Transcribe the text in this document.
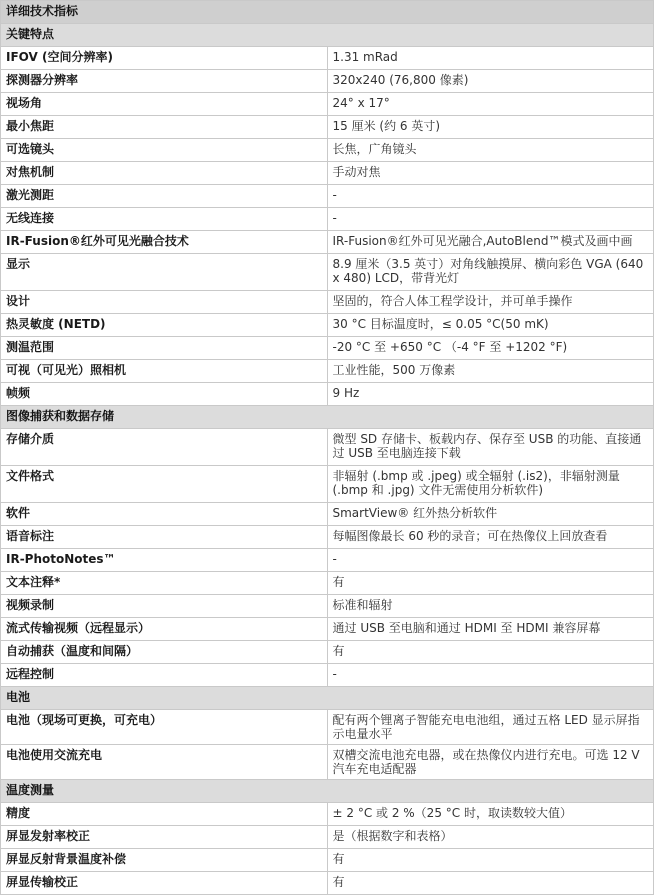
详细技术指标	
关键特点	
IFOV (空间分辨率)	1.31 mRad
探测器分辨率	320x240 (76,800 像素)
视场角	24° x 17°
最小焦距	15 厘米 (约 6 英寸)
可选镜头	长焦，广角镜头
对焦机制	手动对焦
激光测距	-
无线连接	-
IR-Fusion®红外可见光融合技术	IR-Fusion®红外可见光融合,AutoBlend™模式及画中画
显示	8.9 厘米（3.5 英寸）对角线触摸屏、横向彩色 VGA (640 x 480) LCD，带背光灯
设计	坚固的，符合人体工程学设计，并可单手操作
热灵敏度 (NETD)	30 °C 目标温度时，≤ 0.05 °C(50 mK)
测温范围	-20 °C 至 +650 °C （-4 °F 至 +1202 °F)
可视（可见光）照相机	工业性能，500 万像素
帧频	9 Hz
图像捕获和数据存储	
存储介质	微型 SD 存储卡、板载内存、保存至 USB 的功能、直接通过 USB 至电脑连接下载
文件格式	非辐射 (.bmp 或 .jpeg) 或全辐射 (.is2)，非辐射测量 (.bmp 和 .jpg) 文件无需使用分析软件)
软件	SmartView® 红外热分析软件
语音标注	每幅图像最长 60 秒的录音；可在热像仪上回放查看
IR-PhotoNotes™	-
文本注释*	有
视频录制	标准和辐射
流式传输视频（远程显示）	通过 USB 至电脑和通过 HDMI 至 HDMI 兼容屏幕
自动捕获（温度和间隔）	有
远程控制	-
电池	
电池（现场可更换，可充电）	配有两个锂离子智能充电电池组，通过五格 LED 显示屏指示电量水平
电池使用交流充电	双槽交流电池充电器，或在热像仪内进行充电。可选 12 V 汽车充电适配器
温度测量	
精度	± 2 °C 或 2 %（25 °C 时，取读数较大值）
屏显发射率校正	是（根据数字和表格）
屏显反射背景温度补偿	有
屏显传输校正	有
